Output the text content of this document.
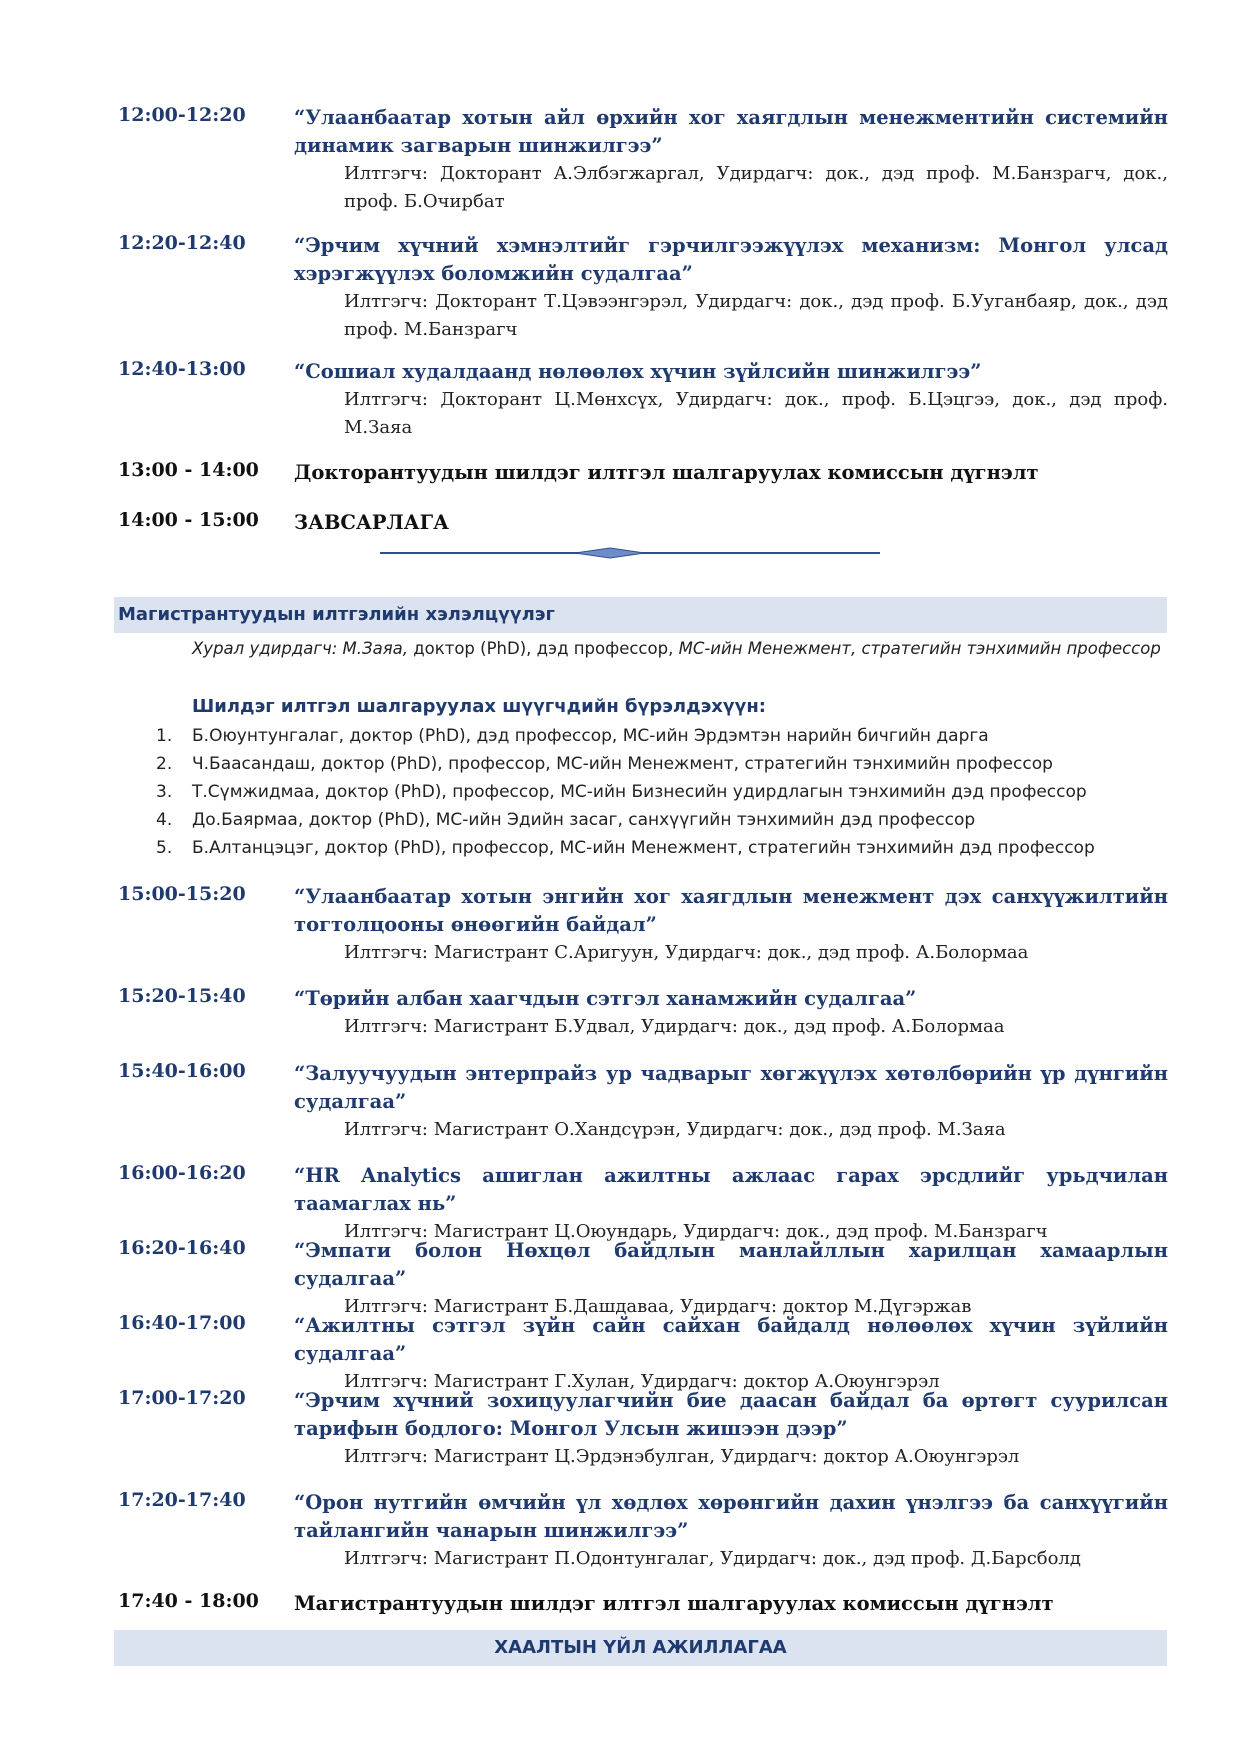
12:00-12:20 “Улаанбаатар хотын айл өрхийн хог хаягдлын менежментийн системийн динамик загварын шинжилгээ”
Илтгэгч: Докторант А.Элбэгжаргал, Удирдагч: док., дэд проф. М.Банзрагч, док., проф. Б.Очирбат
12:20-12:40 “Эрчим хүчний хэмнэлтийг гэрчилгээжүүлэх механизм: Монгол улсад хэрэгжүүлэх боломжийн судалгаа”
Илтгэгч: Докторант Т.Цэвээнгэрэл, Удирдагч: док., дэд проф. Б.Ууганбаяр, док., дэд проф. М.Банзрагч
12:40-13:00 “Сошиал худалдаанд нөлөөлөх хүчин зүйлсийн шинжилгээ”
Илтгэгч: Докторант Ц.Мөнхсүх, Удирдагч: док., проф. Б.Цэцгээ, док., дэд проф. М.Заяа
13:00 - 14:00 Докторантуудын шилдэг илтгэл шалгаруулах комиссын дүгнэлт
14:00 - 15:00 ЗАВСАРЛАГА
Магистрантуудын илтгэлийн хэлэлцүүлэг
Хурал удирдагч: М.Заяа, доктор (PhD), дэд профессор, МС-ийн Менежмент, стратегийн тэнхимийн профессор
Шилдэг илтгэл шалгаруулах шүүгчдийн бүрэлдэхүүн:
1.	Б.Оюунтунгалаг, доктор (PhD), дэд профессор, МС-ийн Эрдэмтэн нарийн бичгийн дарга
2.	Ч.Баасандаш, доктор (PhD), профессор, МС-ийн Менежмент, стратегийн тэнхимийн профессор
3.	Т.Сүмжидмаа, доктор (PhD), профессор, МС-ийн Бизнесийн удирдлагын тэнхимийн дэд профессор
4.	До.Баярмаа, доктор (PhD), МС-ийн Эдийн засаг, санхүүгийн тэнхимийн дэд профессор
5.	Б.Алтанцэцэг, доктор (PhD), профессор, МС-ийн Менежмент, стратегийн тэнхимийн дэд профессор
15:00-15:20 “Улаанбаатар хотын энгийн хог хаягдлын менежмент дэх санхүүжилтийн тогтолцооны өнөөгийн байдал”
Илтгэгч: Магистрант С.Аригуун, Удирдагч: док., дэд проф. А.Болормаа
15:20-15:40 “Төрийн албан хаагчдын сэтгэл ханамжийн судалгаа”
Илтгэгч: Магистрант Б.Удвал, Удирдагч: док., дэд проф. А.Болормаа
15:40-16:00 “Залуучуудын энтерпрайз ур чадварыг хөгжүүлэх хөтөлбөрийн үр дүнгийн судалгаа”
Илтгэгч: Магистрант О.Хандсүрэн, Удирдагч: док., дэд проф. М.Заяа
16:00-16:20 “HR Analytics ашиглан ажилтны ажлаас гарах эрсдлийг урьдчилан таамаглах нь”
Илтгэгч: Магистрант Ц.Оюундарь, Удирдагч: док., дэд проф. М.Банзрагч
16:20-16:40 “Эмпати болон Нөхцөл байдлын манлайллын харилцан хамаарлын судалгаа”
Илтгэгч: Магистрант Б.Дашдаваа, Удирдагч: доктор М.Дүгэржав
16:40-17:00 “Ажилтны сэтгэл зүйн сайн сайхан байдалд нөлөөлөх хүчин зүйлийн судалгаа”
Илтгэгч: Магистрант Г.Хулан, Удирдагч: доктор А.Оюунгэрэл
17:00-17:20 “Эрчим хүчний зохицуулагчийн бие даасан байдал ба өртөгт суурилсан тарифын бодлого: Монгол Улсын жишээн дээр”
Илтгэгч: Магистрант Ц.Эрдэнэбулган, Удирдагч: доктор А.Оюунгэрэл
17:20-17:40 “Орон нутгийн өмчийн үл хөдлөх хөрөнгийн дахин үнэлгээ ба санхүүгийн тайлангийн чанарын шинжилгээ”
Илтгэгч: Магистрант П.Одонтунгалаг, Удирдагч: док., дэд проф. Д.Барсболд
17:40 - 18:00 Магистрантуудын шилдэг илтгэл шалгаруулах комиссын дүгнэлт
ХААЛТЫН ҮЙЛ АЖИЛЛАГАА
